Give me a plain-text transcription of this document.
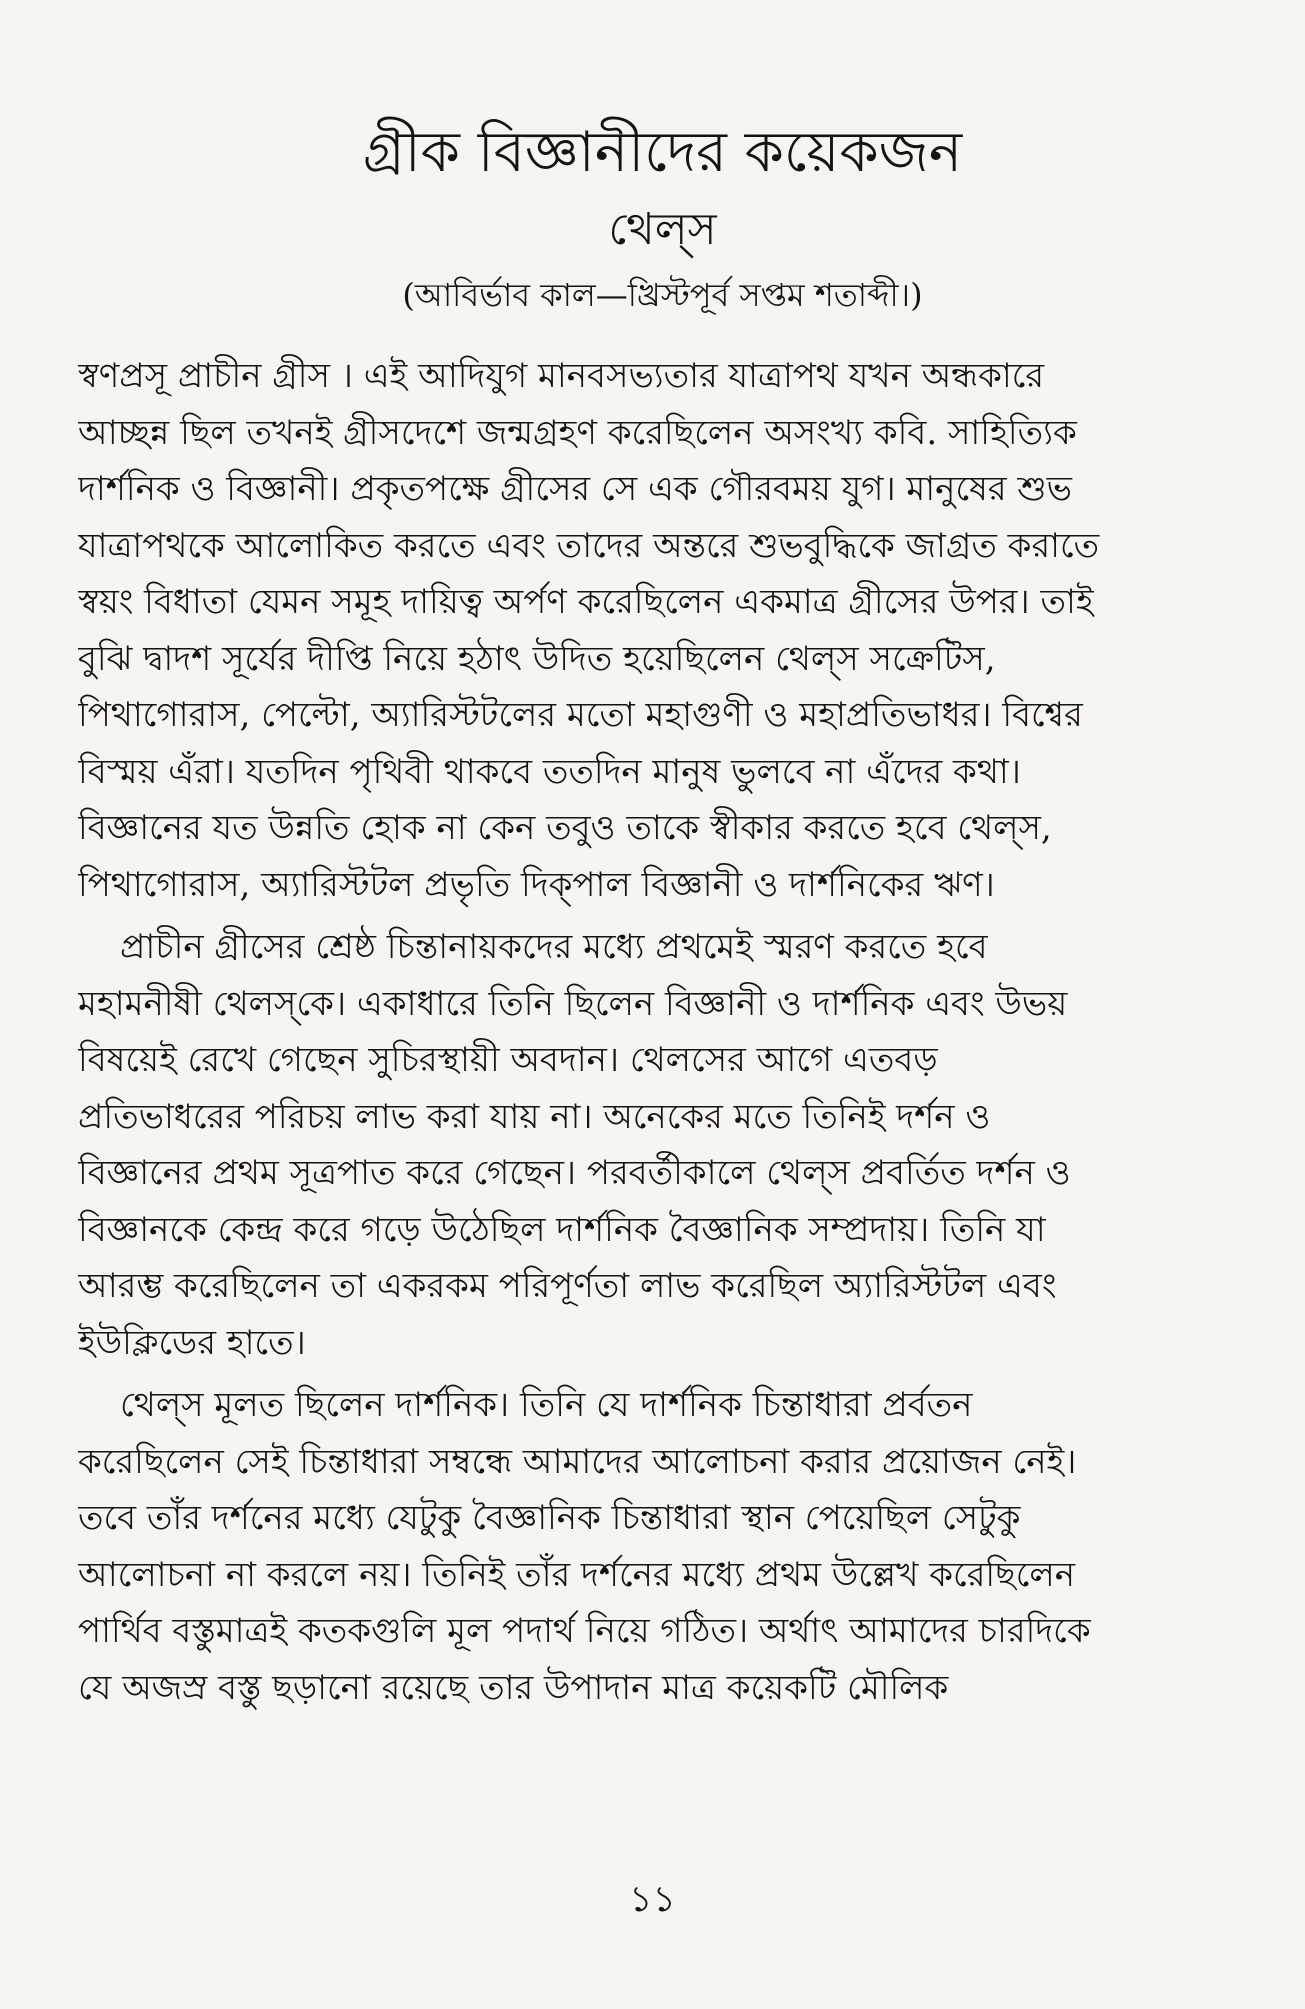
গ্রীক বিজ্ঞানীদের কয়েকজন
থেল্‌স
(আবির্ভাব কাল—খ্রিস্টপূর্ব সপ্তম শতাব্দী।)

স্বণপ্রসূ প্রাচীন গ্রীস । এই আদিযুগ মানবসভ্যতার যাত্রাপথ যখন অন্ধকারে
আচ্ছন্ন ছিল তখনই গ্রীসদেশে জন্মগ্রহণ করেছিলেন অসংখ্য কবি. সাহিত্যিক
দার্শনিক ও বিজ্ঞানী। প্রকৃতপক্ষে গ্রীসের সে এক গৌরবময় যুগ। মানুষের শুভ
যাত্রাপথকে আলোকিত করতে এবং তাদের অন্তরে শুভবুদ্ধিকে জাগ্রত করাতে
স্বয়ং বিধাতা যেমন সমূহ দায়িত্ব অর্পণ করেছিলেন একমাত্র গ্রীসের উপর। তাই
বুঝি দ্বাদশ সূর্যের দীপ্তি নিয়ে হঠাৎ উদিত হয়েছিলেন থেল্‌স সক্রেটিস,
পিথাগোরাস, পেল্টো, অ্যারিস্টটলের মতো মহাগুণী ও মহাপ্রতিভাধর। বিশ্বের
বিস্ময় এঁরা। যতদিন পৃথিবী থাকবে ততদিন মানুষ ভুলবে না এঁদের কথা।
বিজ্ঞানের যত উন্নতি হোক না কেন তবুও তাকে স্বীকার করতে হবে থেল্‌স,
পিথাগোরাস, অ্যারিস্টটল প্রভৃতি দিক্‌পাল বিজ্ঞানী ও দার্শনিকের ঋণ।

প্রাচীন গ্রীসের শ্রেষ্ঠ চিন্তানায়কদের মধ্যে প্রথমেই স্মরণ করতে হবে
মহামনীষী থেলস্‌কে। একাধারে তিনি ছিলেন বিজ্ঞানী ও দার্শনিক এবং উভয়
বিষয়েই রেখে গেছেন সুচিরস্থায়ী অবদান। থেলসের আগে এতবড়
প্রতিভাধরের পরিচয় লাভ করা যায় না। অনেকের মতে তিনিই দর্শন ও
বিজ্ঞানের প্রথম সূত্রপাত করে গেছেন। পরবর্তীকালে থেল্‌স প্রবর্তিত দর্শন ও
বিজ্ঞানকে কেন্দ্র করে গড়ে উঠেছিল দার্শনিক বৈজ্ঞানিক সম্প্রদায়। তিনি যা
আরম্ভ করেছিলেন তা একরকম পরিপূর্ণতা লাভ করেছিল অ্যারিস্টটল এবং
ইউক্লিডের হাতে।

থেল্‌স মূলত ছিলেন দার্শনিক। তিনি যে দার্শনিক চিন্তাধারা প্রর্বতন
করেছিলেন সেই চিন্তাধারা সম্বন্ধে আমাদের আলোচনা করার প্রয়োজন নেই।
তবে তাঁর দর্শনের মধ্যে যেটুকু বৈজ্ঞানিক চিন্তাধারা স্থান পেয়েছিল সেটুকু
আলোচনা না করলে নয়। তিনিই তাঁর দর্শনের মধ্যে প্রথম উল্লেখ করেছিলেন
পার্থিব বস্তুমাত্রই কতকগুলি মূল পদার্থ নিয়ে গঠিত। অর্থাৎ আমাদের চারদিকে
যে অজস্র বস্তু ছড়ানো রয়েছে তার উপাদান মাত্র কয়েকটি মৌলিক

১১
